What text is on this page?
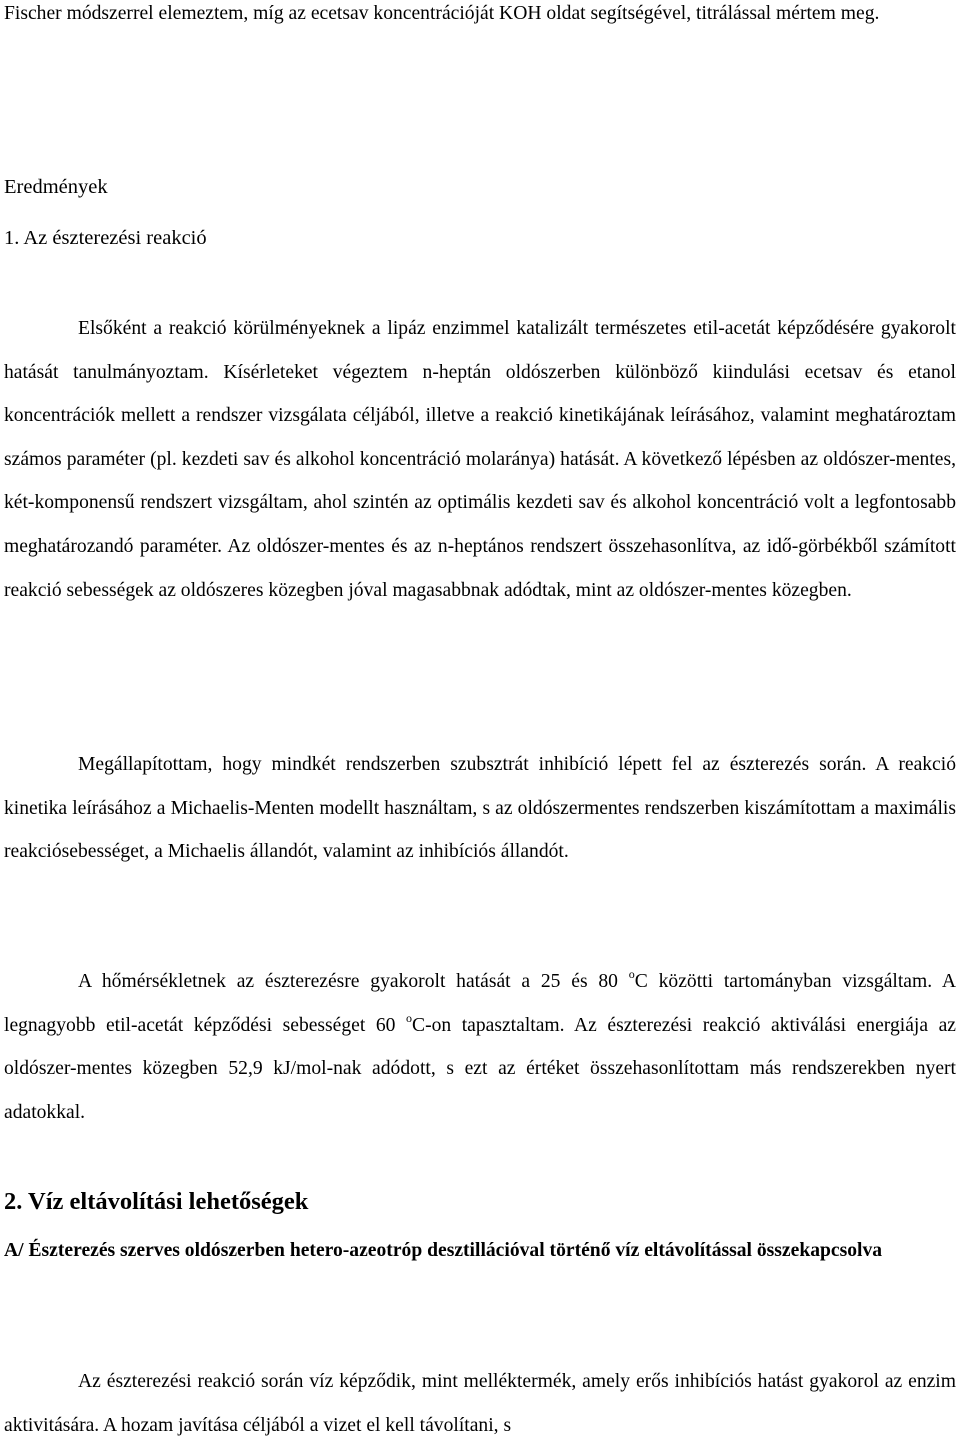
Fischer módszerrel elemeztem, míg az ecetsav koncentrációját KOH oldat segítségével, titrálással mértem meg.
Eredmények
1. Az észterezési reakció
Elsőként a reakció körülményeknek a lipáz enzimmel katalizált természetes etil-acetát képződésére gyakorolt hatását tanulmányoztam. Kísérleteket végeztem n-heptán oldószerben különböző kiindulási ecetsav és etanol koncentrációk mellett a rendszer vizsgálata céljából, illetve a reakció kinetikájának leírásához, valamint meghatároztam számos paraméter (pl. kezdeti sav és alkohol koncentráció molaránya) hatását. A következő lépésben az oldószer-mentes, két-komponensű rendszert vizsgáltam, ahol szintén az optimális kezdeti sav és alkohol koncentráció volt a legfontosabb meghatározandó paraméter. Az oldószer-mentes és az n-heptános rendszert összehasonlítva, az idő-görbékből számított reakció sebességek az oldószeres közegben jóval magasabbnak adódtak, mint az oldószer-mentes közegben.
Megállapítottam, hogy mindkét rendszerben szubsztrát inhibíció lépett fel az észterezés során. A reakció kinetika leírásához a Michaelis-Menten modellt használtam, s az oldószermentes rendszerben kiszámítottam a maximális reakciósebességet, a Michaelis állandót, valamint az inhibíciós állandót.
A hőmérsékletnek az észterezésre gyakorolt hatását a 25 és 80 $^o$C közötti tartományban vizsgáltam. A legnagyobb etil-acetát képződési sebességet 60 $^o$C-on tapasztaltam. Az észterezési reakció aktiválási energiája az oldószer-mentes közegben 52,9 kJ/mol-nak adódott, s ezt az értéket összehasonlítottam más rendszerekben nyert adatokkal.
2. Víz eltávolítási lehetőségek
A/ Észterezés szerves oldószerben hetero-azeotróp desztillációval történő víz eltávolítással összekapcsolva
Az észterezési reakció során víz képződik, mint melléktermék, amely erős inhibíciós hatást gyakorol az enzim aktivitására. A hozam javítása céljából a vizet el kell távolítani, s
